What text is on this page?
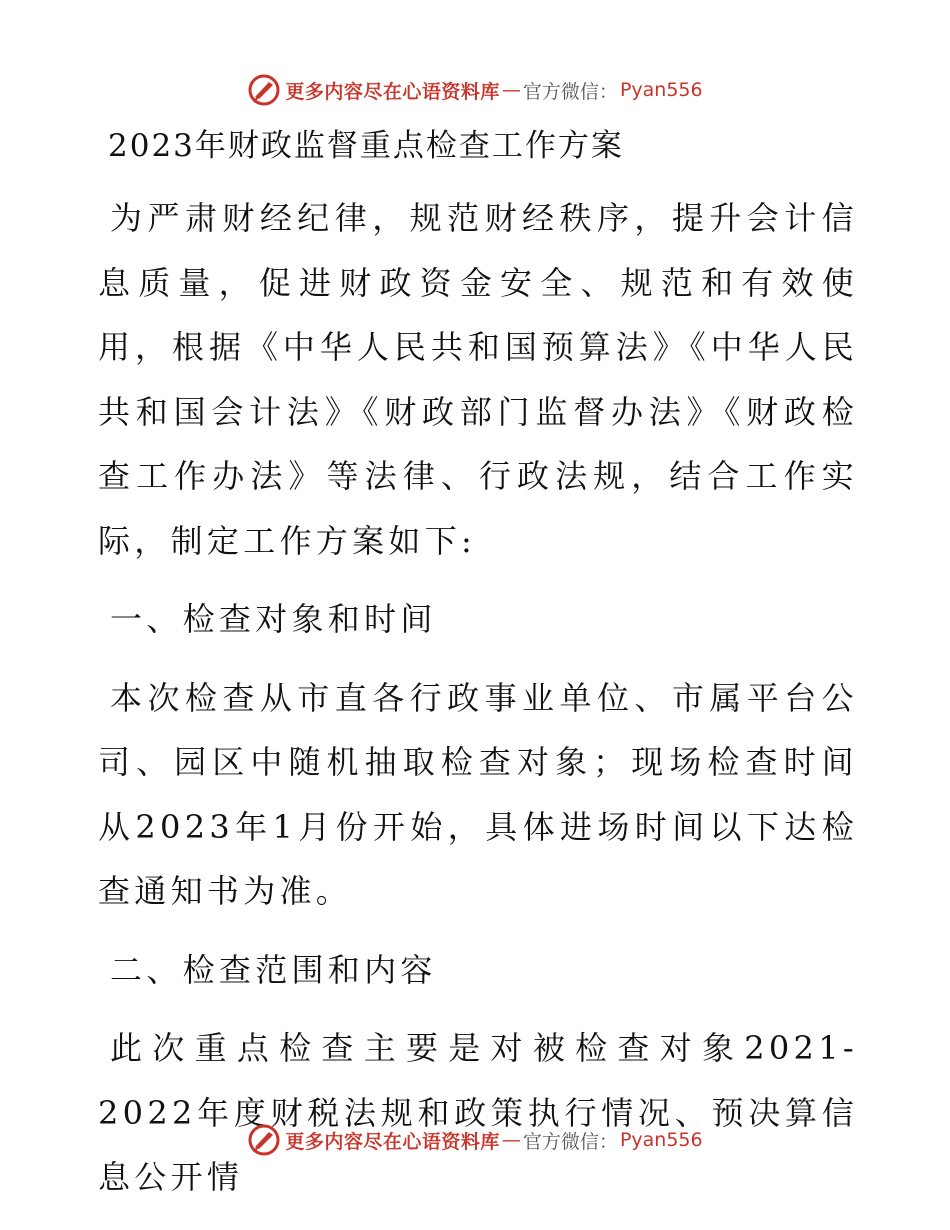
更多内容尽在心语资料库 — 官方微信： Pyan556
2023年财政监督重点检查工作方案

为严肃财经纪律，规范财经秩序，提升会计信息质量，促进财政资金安全、规范和有效使用，根据《中华人民共和国预算法》《中华人民共和国会计法》《财政部门监督办法》《财政检查工作办法》等法律、行政法规，结合工作实际，制定工作方案如下:

一、检查对象和时间

本次检查从市直各行政事业单位、市属平台公司、园区中随机抽取检查对象；现场检查时间从2023年1月份开始，具体进场时间以下达检查通知书为准。

二、检查范围和内容

此次重点检查主要是对被检查对象2021-2022年度财税法规和政策执行情况、预决算信息公开情

更多内容尽在心语资料库 — 官方微信： Pyan556
